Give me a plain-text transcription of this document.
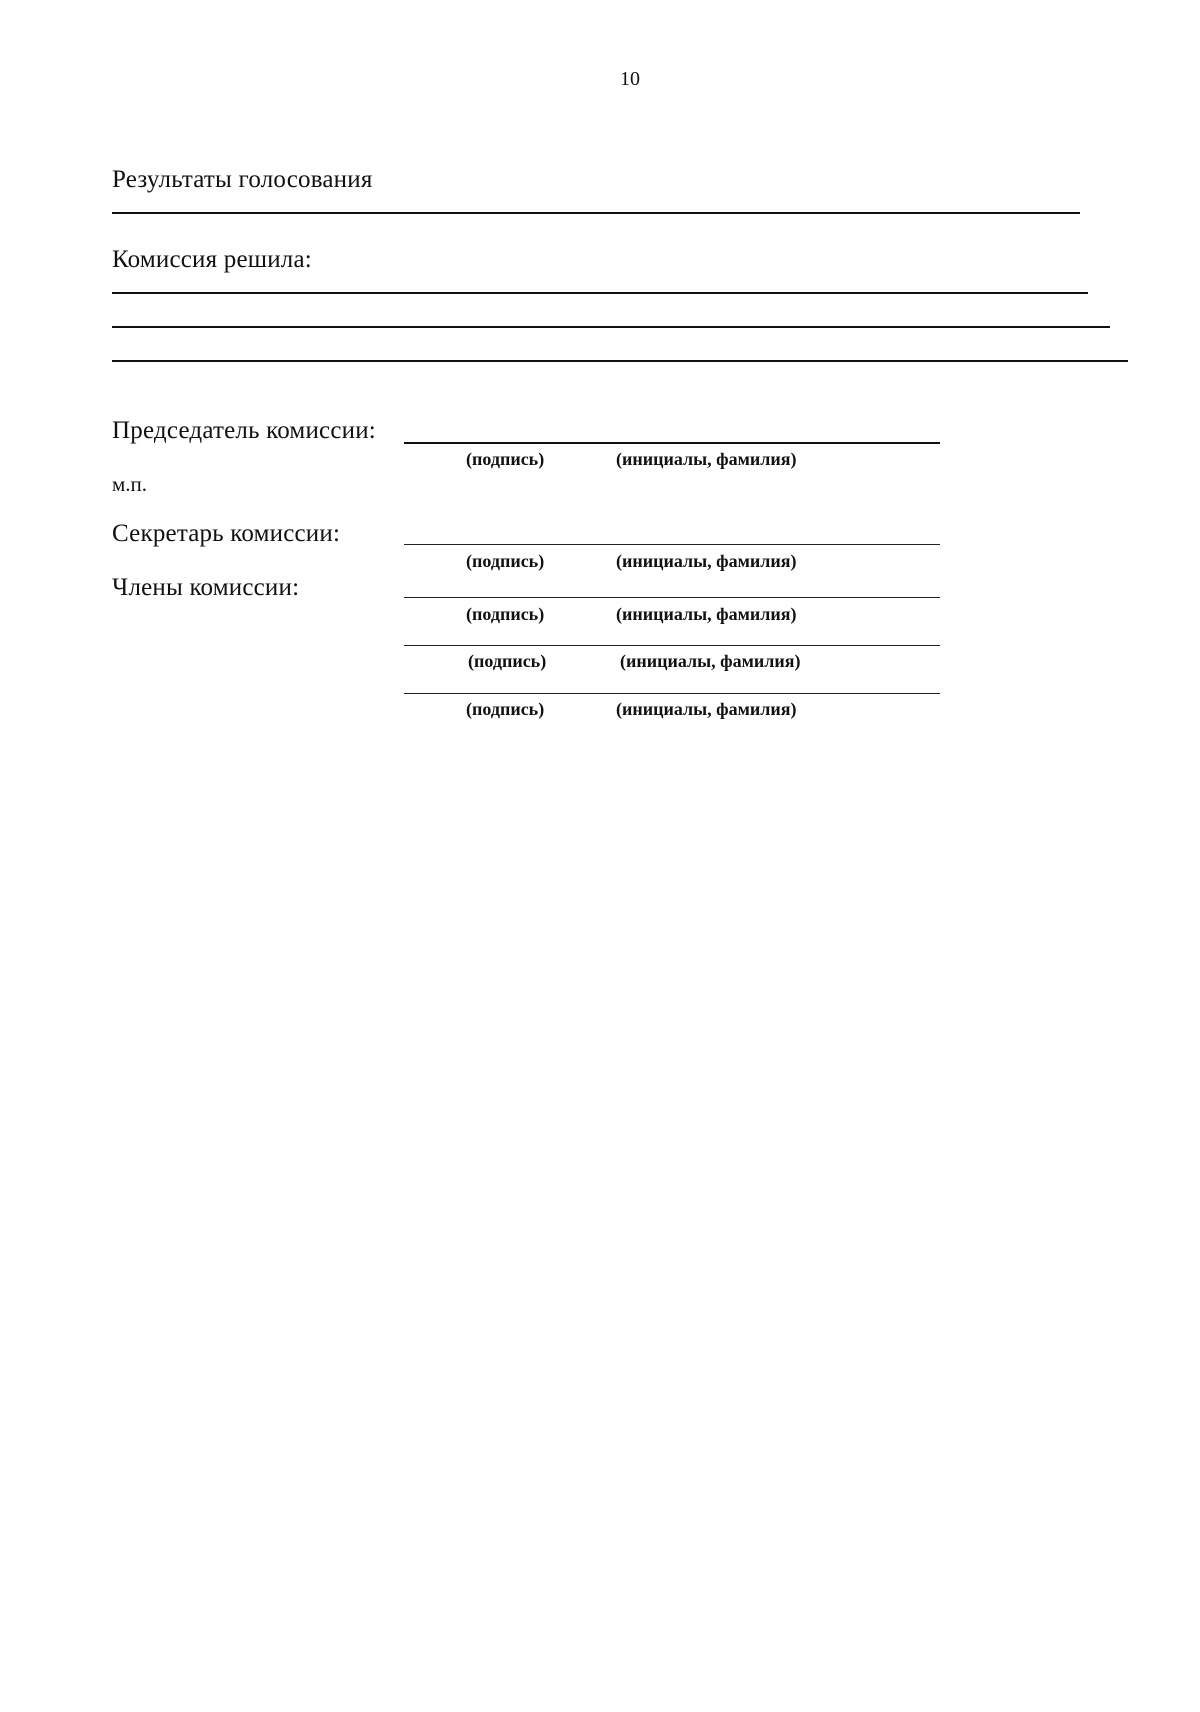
10
Результаты голосования
Комиссия решила:
Председатель комиссии:
(подпись)	(инициалы, фамилия)
м.п.
Секретарь комиссии:
(подпись)	(инициалы, фамилия)
Члены комиссии:
(подпись)	(инициалы, фамилия)
(подпись)	(инициалы, фамилия)
(подпись)	(инициалы, фамилия)
